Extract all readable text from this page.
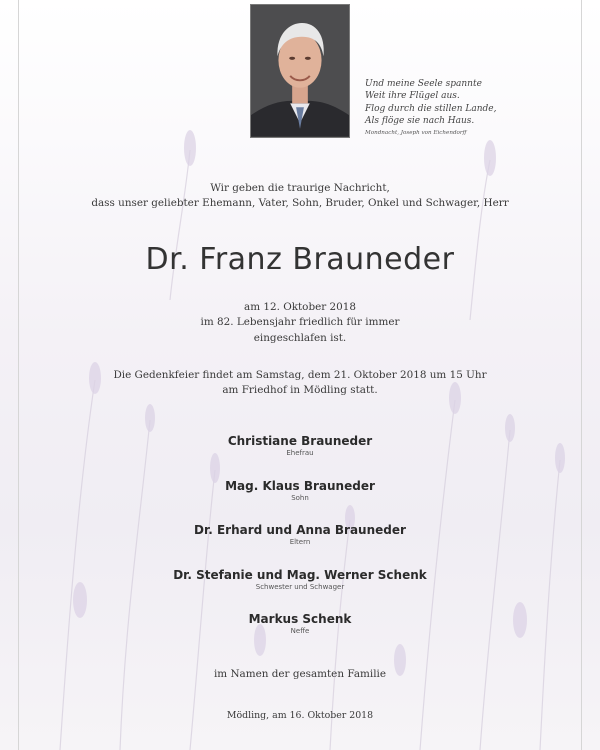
Und meine Seele spannte
Weit ihre Flügel aus.
Flog durch die stillen Lande,
Als flöge sie nach Haus.
Mondnacht, Joseph von Eichendorff
Wir geben die traurige Nachricht,
dass unser geliebter Ehemann, Vater, Sohn, Bruder, Onkel und Schwager, Herr
Dr. Franz Brauneder
am 12. Oktober 2018
im 82. Lebensjahr friedlich für immer
eingeschlafen ist.
Die Gedenkfeier findet am Samstag, dem 21. Oktober 2018 um 15 Uhr
am Friedhof in Mödling statt.
Christiane Brauneder
Ehefrau
Mag. Klaus Brauneder
Sohn
Dr. Erhard und Anna Brauneder
Eltern
Dr. Stefanie und Mag. Werner Schenk
Schwester und Schwager
Markus Schenk
Neffe
im Namen der gesamten Familie
Mödling, am 16. Oktober 2018
